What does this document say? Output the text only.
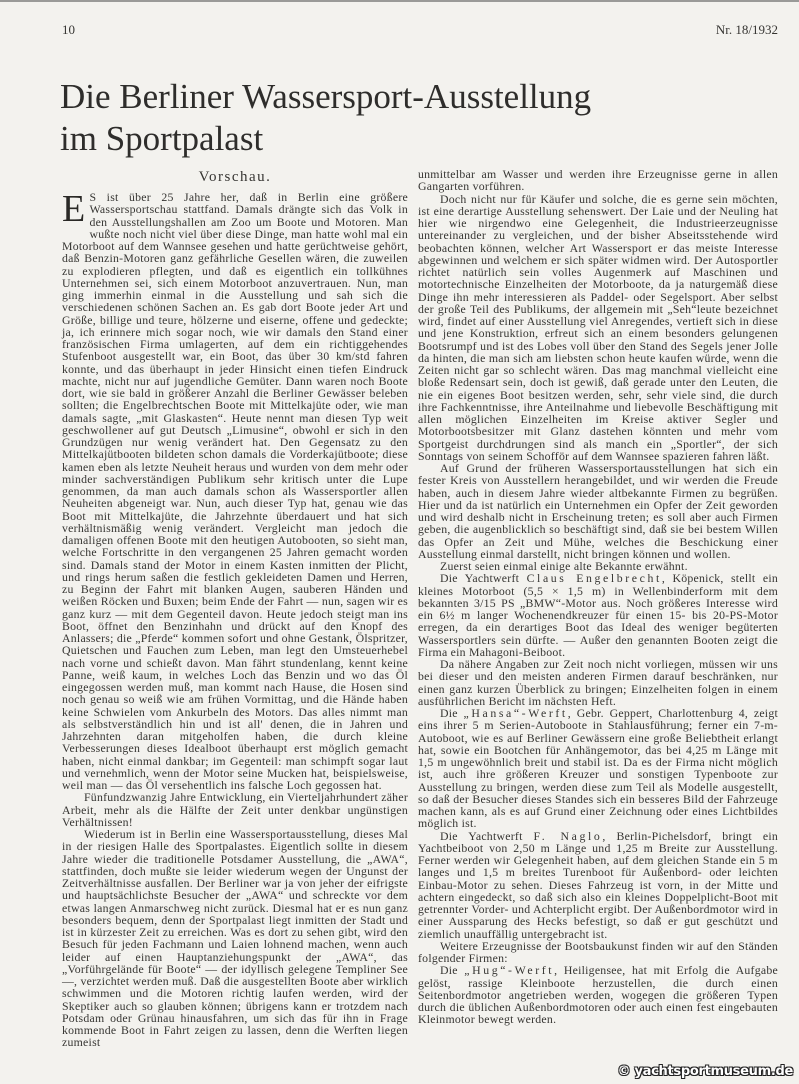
10	Nr. 18/1932
Die Berliner Wassersport-Ausstellung
im Sportpalast
Vorschau.

E S ist über 25 Jahre her, daß in Berlin eine größere Wassersportschau stattfand. Damals drängte sich das Volk in den Ausstellungshallen am Zoo um Boote und Motoren. Man wußte noch nicht viel über diese Dinge, man hatte wohl mal ein Motorboot auf dem Wannsee gesehen und hatte gerüchtweise gehört, daß Benzin-Motoren ganz gefährliche Gesellen wären, die zuweilen zu explodieren pflegten, und daß es eigentlich ein tollkühnes Unternehmen sei, sich einem Motorboot anzuvertrauen. Nun, man ging immerhin einmal in die Ausstellung und sah sich die verschiedenen schönen Sachen an. Es gab dort Boote jeder Art und Größe, billige und teure, hölzerne und eiserne, offene und gedeckte; ja, ich erinnere mich sogar noch, wie wir damals den Stand einer französischen Firma umlagerten, auf dem ein richtiggehendes Stufenboot ausgestellt war, ein Boot, das über 30 km/std fahren konnte, und das überhaupt in jeder Hinsicht einen tiefen Eindruck machte, nicht nur auf jugendliche Gemüter. Dann waren noch Boote dort, wie sie bald in größerer Anzahl die Berliner Gewässer beleben sollten; die Engelbrechtschen Boote mit Mittelkajüte oder, wie man damals sagte, „mit Glaskasten“. Heute nennt man diesen Typ weit geschwollener auf gut Deutsch „Limusine“, obwohl er sich in den Grundzügen nur wenig verändert hat. Den Gegensatz zu den Mittelkajütbooten bildeten schon damals die Vorderkajütboote; diese kamen eben als letzte Neuheit heraus und wurden von dem mehr oder minder sachverständigen Publikum sehr kritisch unter die Lupe genommen, da man auch damals schon als Wassersportler allen Neuheiten abgeneigt war. Nun, auch dieser Typ hat, genau wie das Boot mit Mittelkajüte, die Jahrzehnte überdauert und hat sich verhältnismäßig wenig verändert. Vergleicht man jedoch die damaligen offenen Boote mit den heutigen Autobooten, so sieht man, welche Fortschritte in den vergangenen 25 Jahren gemacht worden sind. Damals stand der Motor in einem Kasten inmitten der Plicht, und rings herum saßen die festlich gekleideten Damen und Herren, zu Beginn der Fahrt mit blanken Augen, sauberen Händen und weißen Röcken und Buxen; beim Ende der Fahrt — nun, sagen wir es ganz kurz — mit dem Gegenteil davon. Heute jedoch steigt man ins Boot, öffnet den Benzinhahn und drückt auf den Knopf des Anlassers; die „Pferde“ kommen sofort und ohne Gestank, Ölspritzer, Quietschen und Fauchen zum Leben, man legt den Umsteuerhebel nach vorne und schießt davon. Man fährt stundenlang, kennt keine Panne, weiß kaum, in welches Loch das Benzin und wo das Öl eingegossen werden muß, man kommt nach Hause, die Hosen sind noch genau so weiß wie am frühen Vormittag, und die Hände haben keine Schwielen vom Ankurbeln des Motors. Das alles nimmt man als selbstverständlich hin und ist all' denen, die in Jahren und Jahrzehnten daran mitgeholfen haben, die durch kleine Verbesserungen dieses Idealboot überhaupt erst möglich gemacht haben, nicht einmal dankbar; im Gegenteil: man schimpft sogar laut und vernehmlich, wenn der Motor seine Mucken hat, beispielsweise, weil man — das Öl versehentlich ins falsche Loch gegossen hat.

Fünfundzwanzig Jahre Entwicklung, ein Vierteljahrhundert zäher Arbeit, mehr als die Hälfte der Zeit unter denkbar ungünstigen Verhältnissen!

Wiederum ist in Berlin eine Wassersportausstellung, dieses Mal in der riesigen Halle des Sportpalastes. Eigentlich sollte in diesem Jahre wieder die traditionelle Potsdamer Ausstellung, die „AWA“, stattfinden, doch mußte sie leider wiederum wegen der Ungunst der Zeitverhältnisse ausfallen. Der Berliner war ja von jeher der eifrigste und hauptsächlichste Besucher der „AWA“ und schreckte vor dem etwas langen Anmarschweg nicht zurück. Diesmal hat er es nun ganz besonders bequem, denn der Sportpalast liegt inmitten der Stadt und ist in kürzester Zeit zu erreichen. Was es dort zu sehen gibt, wird den Besuch für jeden Fachmann und Laien lohnend machen, wenn auch leider auf einen Hauptanziehungspunkt der „AWA“, das „Vorführgelände für Boote“ — der idyllisch gelegene Templiner See —, verzichtet werden muß. Daß die ausgestellten Boote aber wirklich schwimmen und die Motoren richtig laufen werden, wird der Skeptiker auch so glauben können; übrigens kann er trotzdem nach Potsdam oder Grünau hinausfahren, um sich das für ihn in Frage kommende Boot in Fahrt zeigen zu lassen, denn die Werften liegen zumeist

unmittelbar am Wasser und werden ihre Erzeugnisse gerne in allen Gangarten vorführen.

Doch nicht nur für Käufer und solche, die es gerne sein möchten, ist eine derartige Ausstellung sehenswert. Der Laie und der Neuling hat hier wie nirgendwo eine Gelegenheit, die Industrieerzeugnisse untereinander zu vergleichen, und der bisher Abseitsstehende wird beobachten können, welcher Art Wassersport er das meiste Interesse abgewinnen und welchem er sich später widmen wird. Der Autosportler richtet natürlich sein volles Augenmerk auf Maschinen und motortechnische Einzelheiten der Motorboote, da ja naturgemäß diese Dinge ihn mehr interessieren als Paddel- oder Segelsport. Aber selbst der große Teil des Publikums, der allgemein mit „Seh“leute bezeichnet wird, findet auf einer Ausstellung viel Anregendes, vertieft sich in diese und jene Konstruktion, erfreut sich an einem besonders gelungenen Bootsrumpf und ist des Lobes voll über den Stand des Segels jener Jolle da hinten, die man sich am liebsten schon heute kaufen würde, wenn die Zeiten nicht gar so schlecht wären. Das mag manchmal vielleicht eine bloße Redensart sein, doch ist gewiß, daß gerade unter den Leuten, die nie ein eigenes Boot besitzen werden, sehr, sehr viele sind, die durch ihre Fachkenntnisse, ihre Anteilnahme und liebevolle Beschäftigung mit allen möglichen Einzelheiten im Kreise aktiver Segler und Motorbootsbesitzer mit Glanz dastehen könnten und mehr vom Sportgeist durchdrungen sind als manch ein „Sportler“, der sich Sonntags von seinem Schofför auf dem Wannsee spazieren fahren läßt.

Auf Grund der früheren Wassersportausstellungen hat sich ein fester Kreis von Ausstellern herangebildet, und wir werden die Freude haben, auch in diesem Jahre wieder altbekannte Firmen zu begrüßen. Hier und da ist natürlich ein Unternehmen ein Opfer der Zeit geworden und wird deshalb nicht in Erscheinung treten; es soll aber auch Firmen geben, die augenblicklich so beschäftigt sind, daß sie bei bestem Willen das Opfer an Zeit und Mühe, welches die Beschickung einer Ausstellung einmal darstellt, nicht bringen können und wollen.

Zuerst seien einmal einige alte Bekannte erwähnt.

Die Yachtwerft Claus Engelbrecht, Köpenick, stellt ein kleines Motorboot (5,5 × 1,5 m) in Wellenbinderform mit dem bekannten 3/15 PS „BMW“-Motor aus. Noch größeres Interesse wird ein 6½ m langer Wochenendkreuzer für einen 15- bis 20-PS-Motor erregen, da ein derartiges Boot das Ideal des weniger begüterten Wassersportlers sein dürfte. — Außer den genannten Booten zeigt die Firma ein Mahagoni-Beiboot.

Da nähere Angaben zur Zeit noch nicht vorliegen, müssen wir uns bei dieser und den meisten anderen Firmen darauf beschränken, nur einen ganz kurzen Überblick zu bringen; Einzelheiten folgen in einem ausführlichen Bericht im nächsten Heft.

Die „Hansa“-Werft, Gebr. Geppert, Charlottenburg 4, zeigt eins ihrer 5 m Serien-Autoboote in Stahlausführung; ferner ein 7-m-Autoboot, wie es auf Berliner Gewässern eine große Beliebtheit erlangt hat, sowie ein Bootchen für Anhängemotor, das bei 4,25 m Länge mit 1,5 m ungewöhnlich breit und stabil ist. Da es der Firma nicht möglich ist, auch ihre größeren Kreuzer und sonstigen Typenboote zur Ausstellung zu bringen, werden diese zum Teil als Modelle ausgestellt, so daß der Besucher dieses Standes sich ein besseres Bild der Fahrzeuge machen kann, als es auf Grund einer Zeichnung oder eines Lichtbildes möglich ist.

Die Yachtwerft F. Naglo, Berlin-Pichelsdorf, bringt ein Yachtbeiboot von 2,50 m Länge und 1,25 m Breite zur Ausstellung. Ferner werden wir Gelegenheit haben, auf dem gleichen Stande ein 5 m langes und 1,5 m breites Turenboot für Außenbord- oder leichten Einbau-Motor zu sehen. Dieses Fahrzeug ist vorn, in der Mitte und achtern eingedeckt, so daß sich also ein kleines Doppelplicht-Boot mit getrennter Vorder- und Achterplicht ergibt. Der Außenbordmotor wird in einer Aussparung des Hecks befestigt, so daß er gut geschützt und ziemlich unauffällig untergebracht ist.

Weitere Erzeugnisse der Bootsbaukunst finden wir auf den Ständen folgender Firmen:

Die „Hug“-Werft, Heiligensee, hat mit Erfolg die Aufgabe gelöst, rassige Kleinboote herzustellen, die durch einen Seitenbordmotor angetrieben werden, wogegen die größeren Typen durch die üblichen Außenbordmotoren oder auch einen fest eingebauten Kleinmotor bewegt werden.

© yachtsportmuseum.de
